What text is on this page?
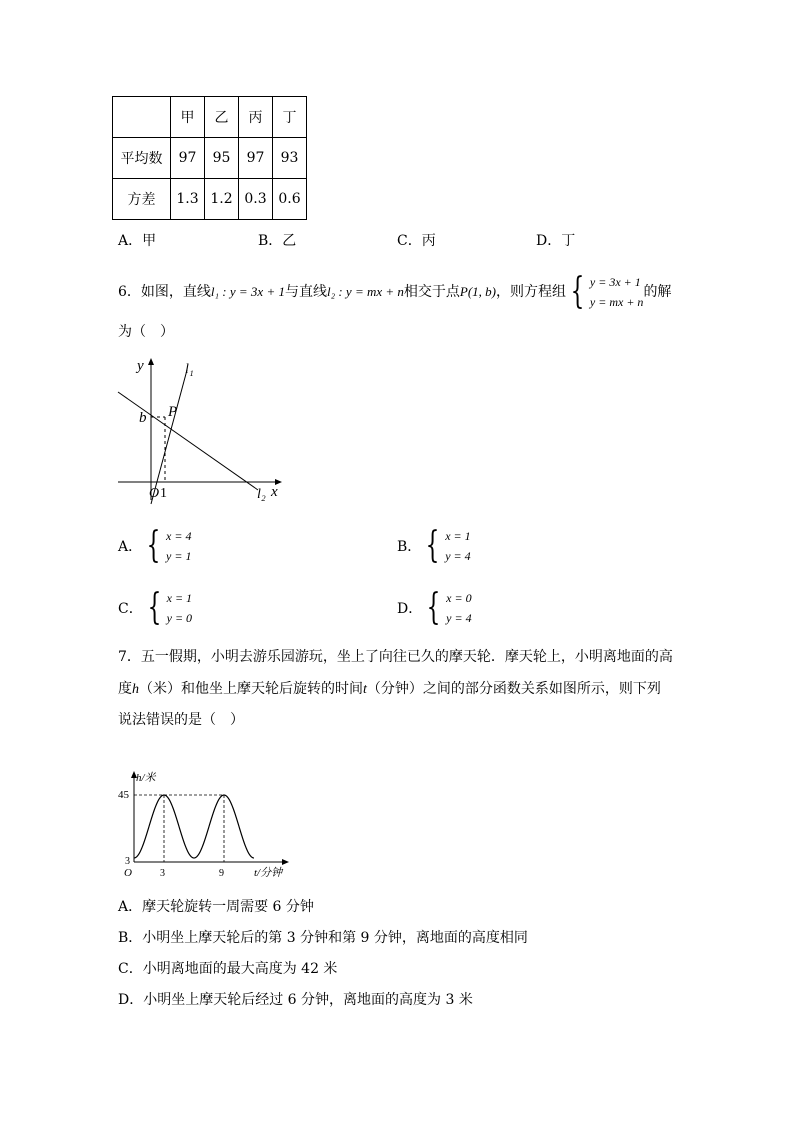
	甲	乙	丙	丁
平均数	97	95	97	93
方差	1.3	1.2	0.3	0.6
A．甲	B．乙	C．丙	D．丁
6．如图，直线l₁ : y = 3x + 1与直线l₂ : y = mx + n相交于点P(1, b)，则方程组 { y = 3x + 1
y = mx + n
的解
为（　）
y
x
l₁
l₂
b P
O 1
A． { x = 4
y = 1
B． { x = 1
y = 4
C． { x = 1
y = 0
D． { x = 0
y = 4
7．五一假期，小明去游乐园游玩，坐上了向往已久的摩天轮．摩天轮上，小明离地面的高
度h（米）和他坐上摩天轮后旋转的时间t（分钟）之间的部分函数关系如图所示，则下列
说法错误的是（　）
h/米
t/分钟
45
3
O	3	9
A．摩天轮旋转一周需要 6 分钟
B．小明坐上摩天轮后的第 3 分钟和第 9 分钟，离地面的高度相同
C．小明离地面的最大高度为 42 米
D．小明坐上摩天轮后经过 6 分钟，离地面的高度为 3 米
